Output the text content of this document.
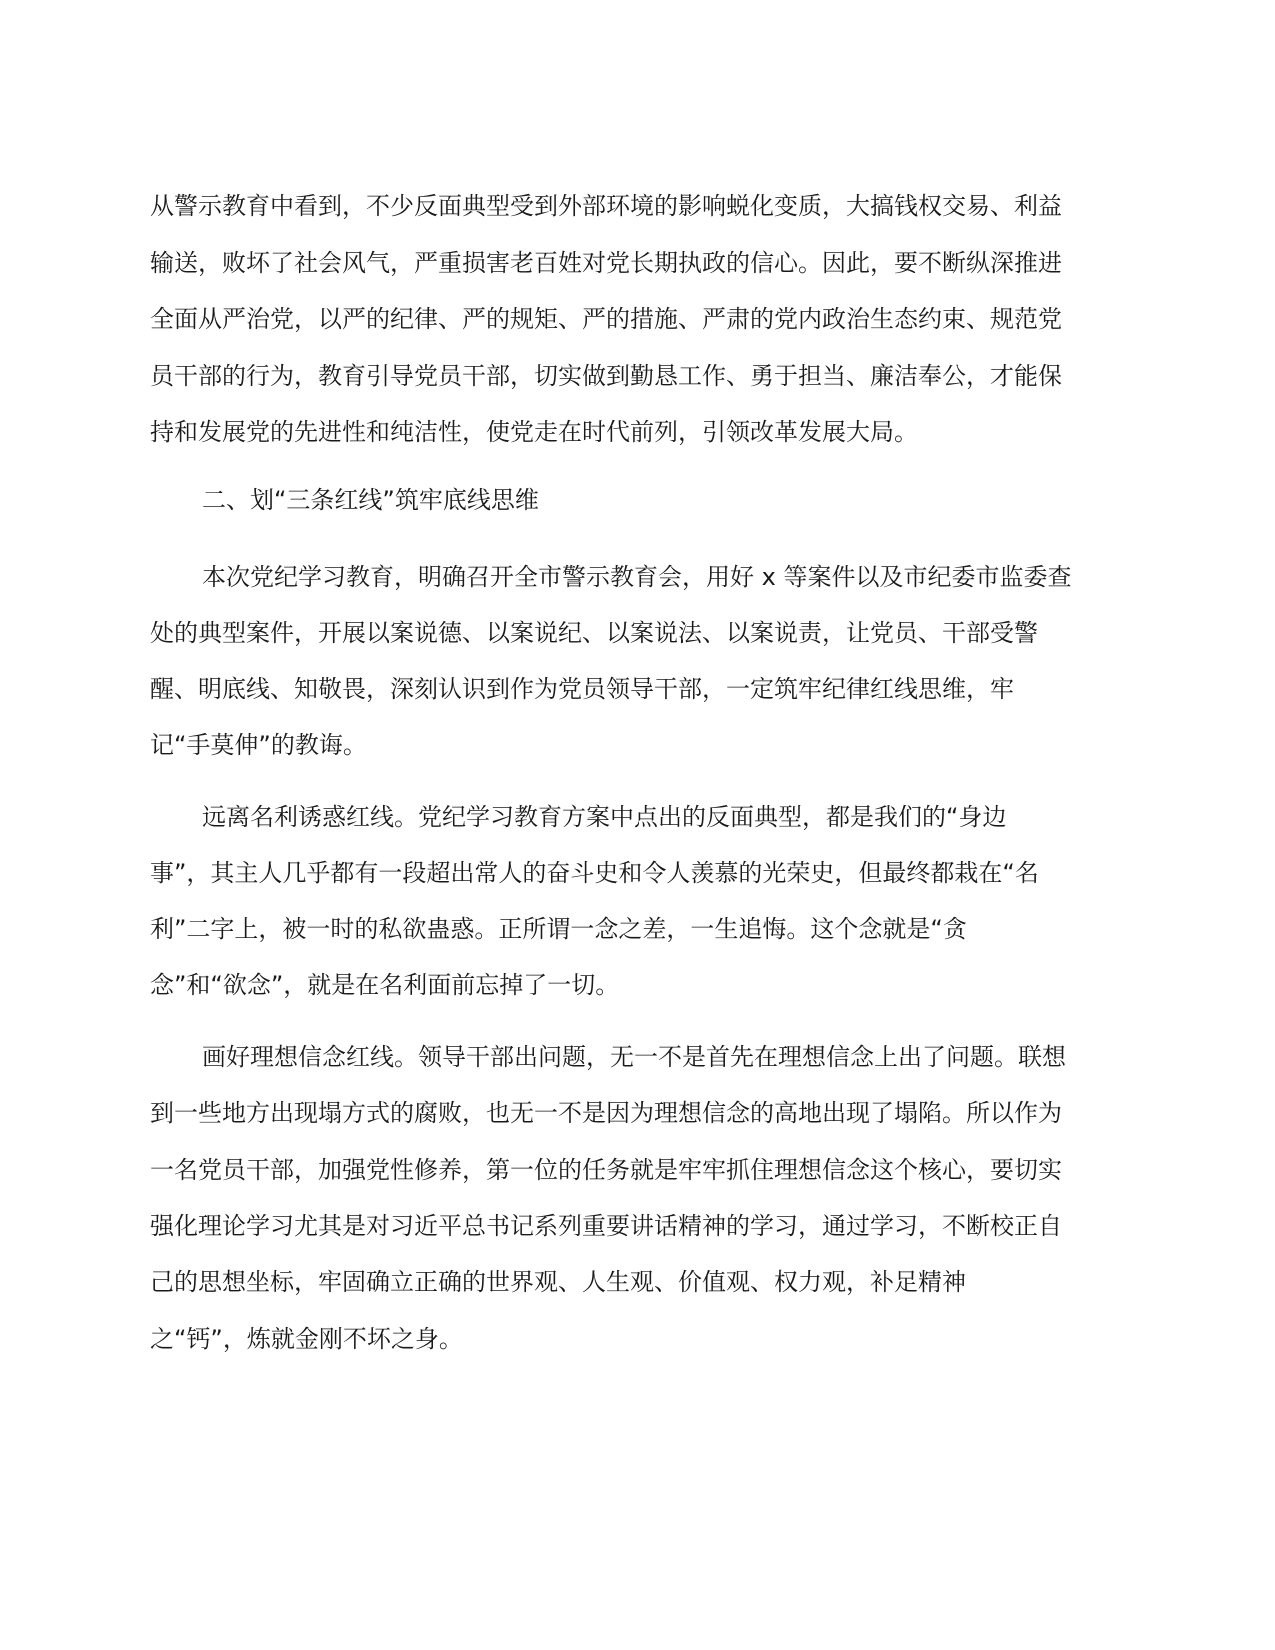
从警示教育中看到，不少反面典型受到外部环境的影响蜕化变质，大搞钱权交易、利益
输送，败坏了社会风气，严重损害老百姓对党长期执政的信心。因此，要不断纵深推进
全面从严治党，以严的纪律、严的规矩、严的措施、严肃的党内政治生态约束、规范党
员干部的行为，教育引导党员干部，切实做到勤恳工作、勇于担当、廉洁奉公，才能保
持和发展党的先进性和纯洁性，使党走在时代前列，引领改革发展大局。
二、划“三条红线”筑牢底线思维
本次党纪学习教育，明确召开全市警示教育会，用好 x 等案件以及市纪委市监委查
处的典型案件，开展以案说德、以案说纪、以案说法、以案说责，让党员、干部受警
醒、明底线、知敬畏，深刻认识到作为党员领导干部，一定筑牢纪律红线思维，牢
记“手莫伸”的教诲。
远离名利诱惑红线。党纪学习教育方案中点出的反面典型，都是我们的“身边
事”，其主人几乎都有一段超出常人的奋斗史和令人羡慕的光荣史，但最终都栽在“名
利”二字上，被一时的私欲蛊惑。正所谓一念之差，一生追悔。这个念就是“贪
念”和“欲念”，就是在名利面前忘掉了一切。
画好理想信念红线。领导干部出问题，无一不是首先在理想信念上出了问题。联想
到一些地方出现塌方式的腐败，也无一不是因为理想信念的高地出现了塌陷。所以作为
一名党员干部，加强党性修养，第一位的任务就是牢牢抓住理想信念这个核心，要切实
强化理论学习尤其是对习近平总书记系列重要讲话精神的学习，通过学习，不断校正自
己的思想坐标，牢固确立正确的世界观、人生观、价值观、权力观，补足精神
之“钙”，炼就金刚不坏之身。
